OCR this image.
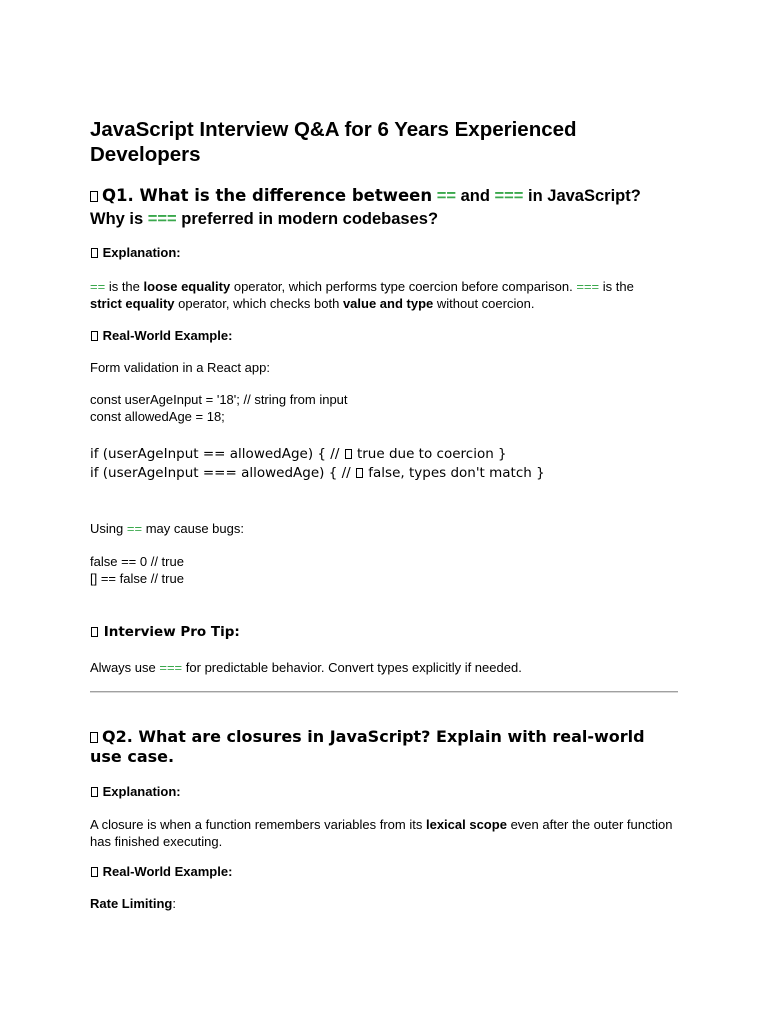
JavaScript Interview Q&A for 6 Years Experienced Developers
Q1. What is the difference between == and === in JavaScript?
Why is === preferred in modern codebases?
Explanation:

== is the loose equality operator, which performs type coercion before comparison. === is the
strict equality operator, which checks both value and type without coercion.

Real-World Example:

Form validation in a React app:

const userAgeInput = '18'; // string from input
const allowedAge = 18;

if (userAgeInput == allowedAge) { //  true due to coercion }
if (userAgeInput === allowedAge) { //  false, types don't match }

Using == may cause bugs:

false == 0 // true
[] == false // true

Interview Pro Tip:

Always use === for predictable behavior. Convert types explicitly if needed.

Q2. What are closures in JavaScript? Explain with real-world use case.
Explanation:

A closure is when a function remembers variables from its lexical scope even after the outer function has finished executing.

Real-World Example:

Rate Limiting:
